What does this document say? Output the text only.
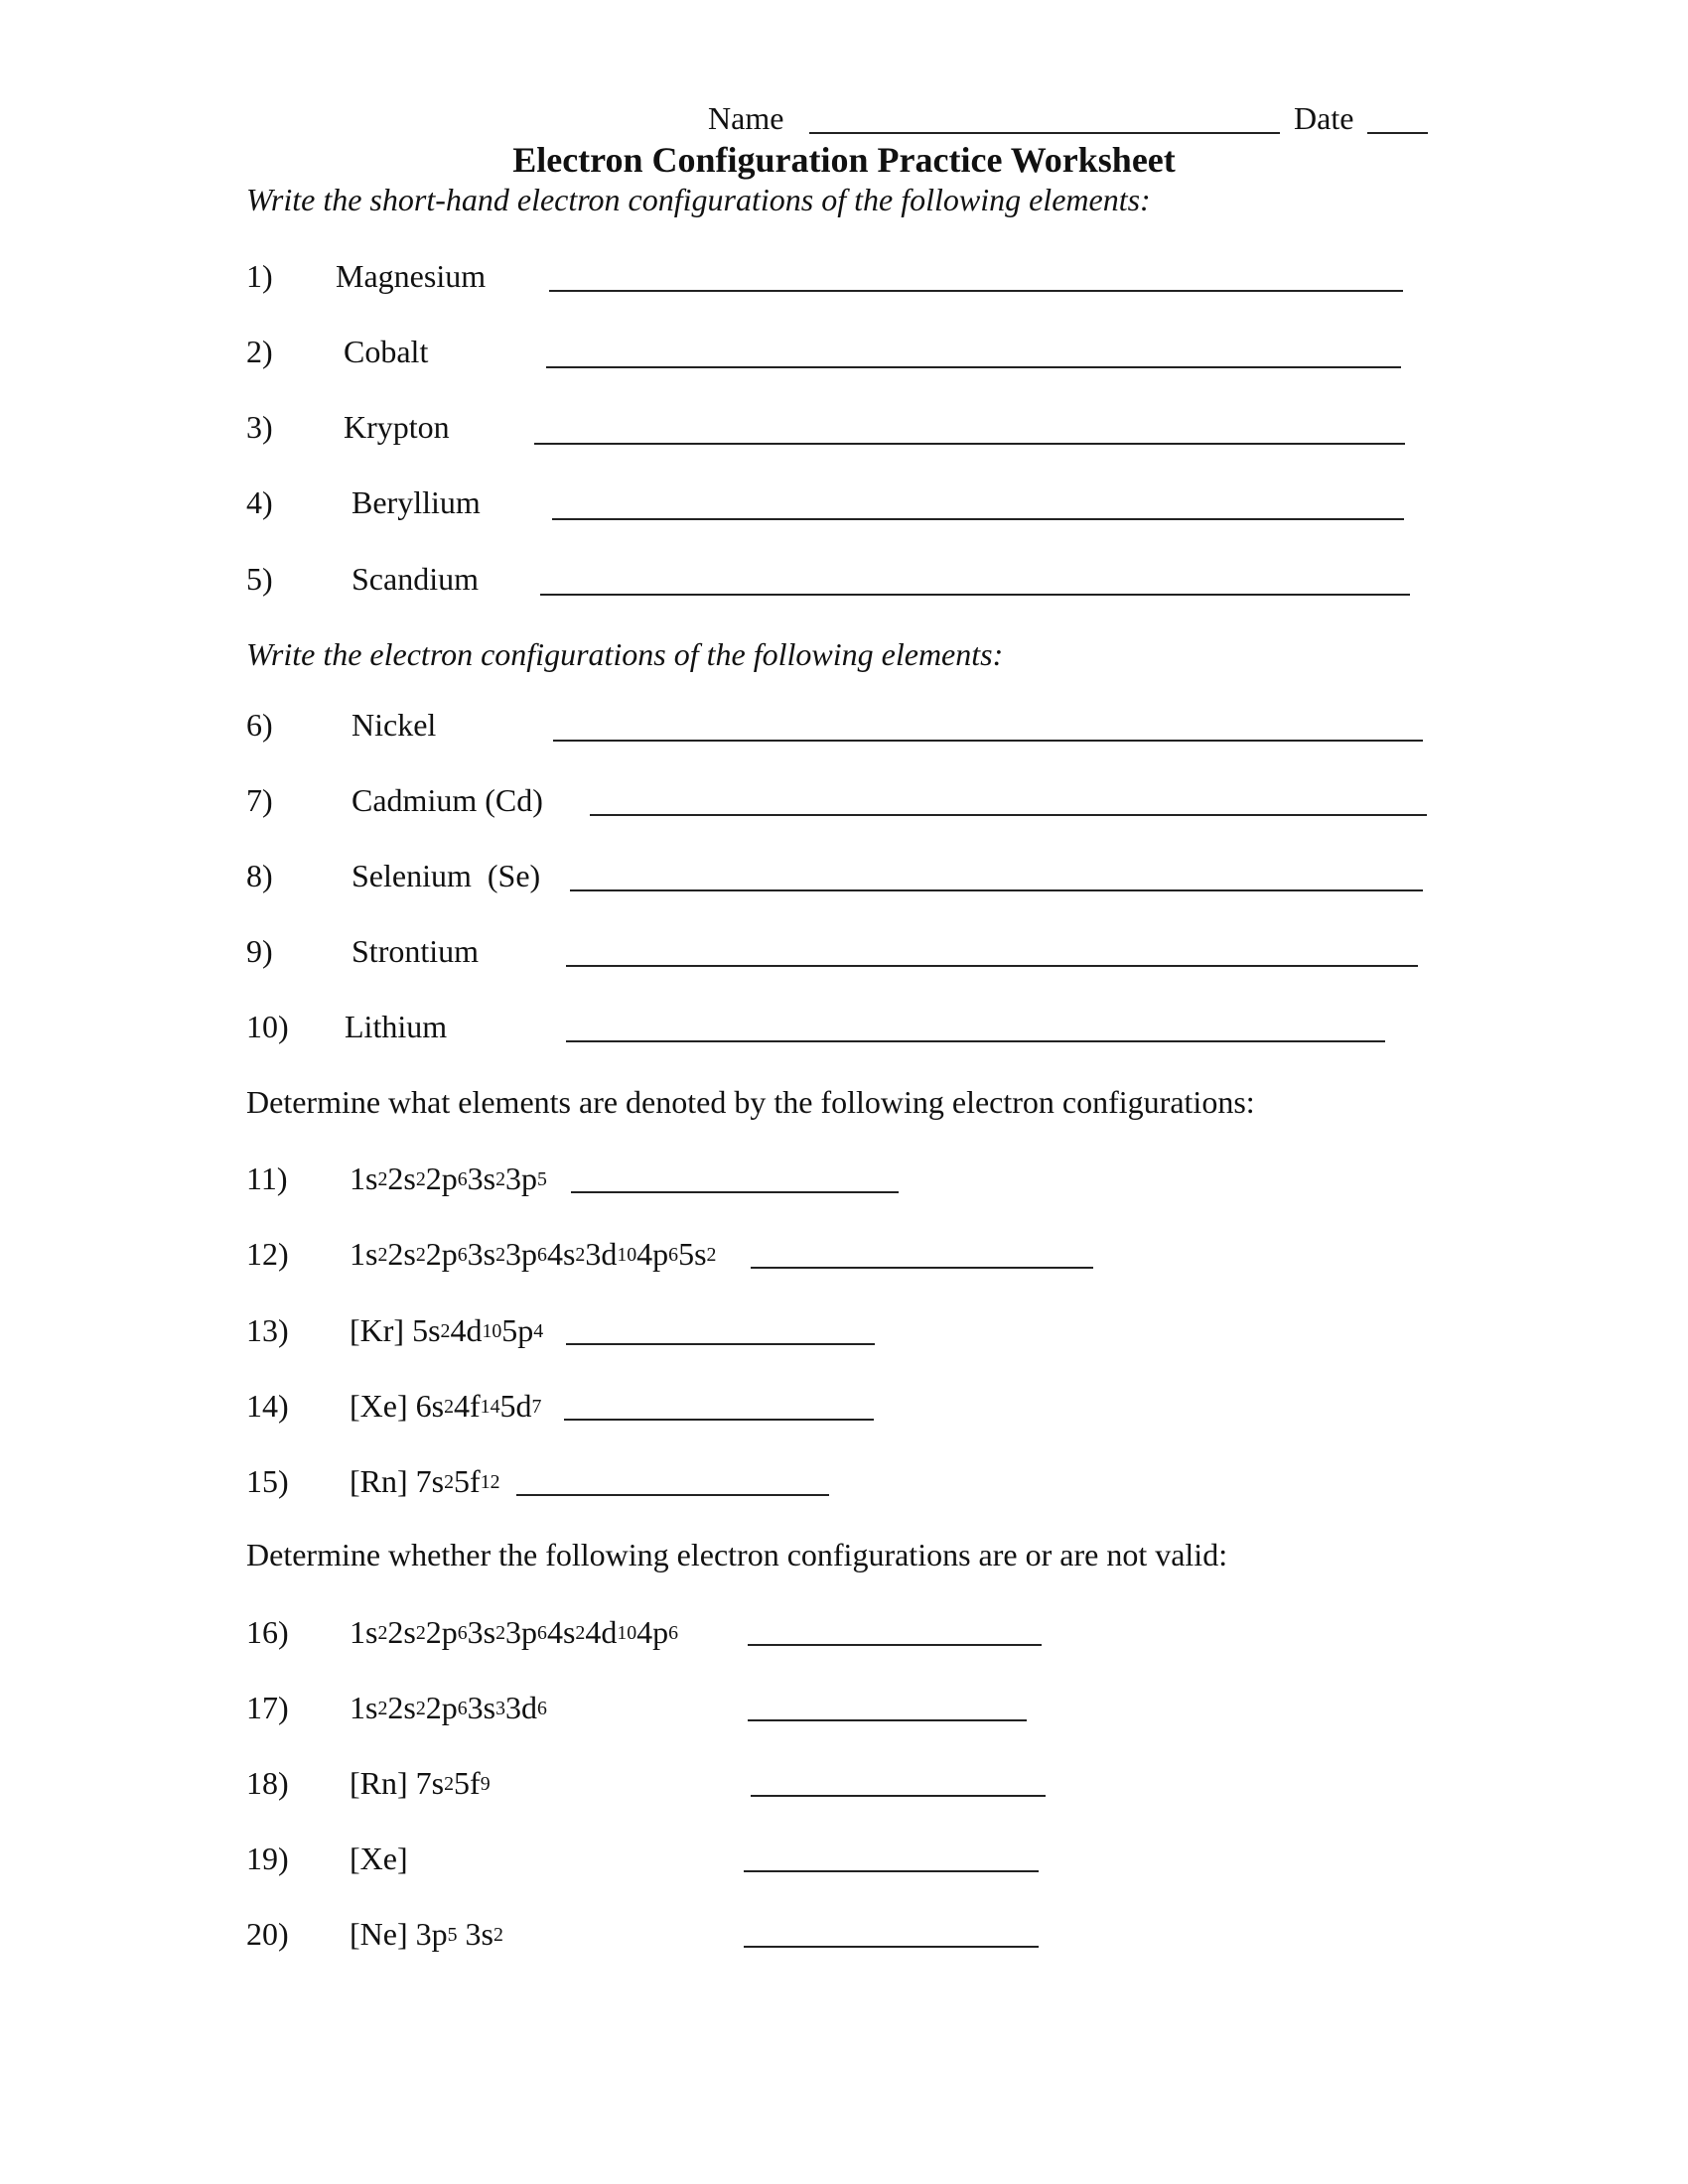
Name	Date
Electron Configuration Practice Worksheet
Write the short-hand electron configurations of the following elements:
1) Magnesium
2) Cobalt
3) Krypton
4) Beryllium
5) Scandium
Write the electron configurations of the following elements:
6) Nickel
7) Cadmium (Cd)
8) Selenium  (Se)
9) Strontium
10) Lithium
Determine what elements are denoted by the following electron configurations:
11) $1s^22s^22p^63s^23p^5$
12) $1s^22s^22p^63s^23p^64s^23d^{10}4p^65s^2$
13) [Kr] $5s^24d^{10}5p^4$
14) [Xe] $6s^24f^{14}5d^7$
15) [Rn] $7s^25f^{12}$
Determine whether the following electron configurations are or are not valid:
16) $1s^22s^22p^63s^23p^64s^24d^{10}4p^6$
17) $1s^22s^22p^63s^33d^6$
18) [Rn] $7s^25f^9$
19) [Xe]
20) [Ne] $3p^5$ $3s^2$
